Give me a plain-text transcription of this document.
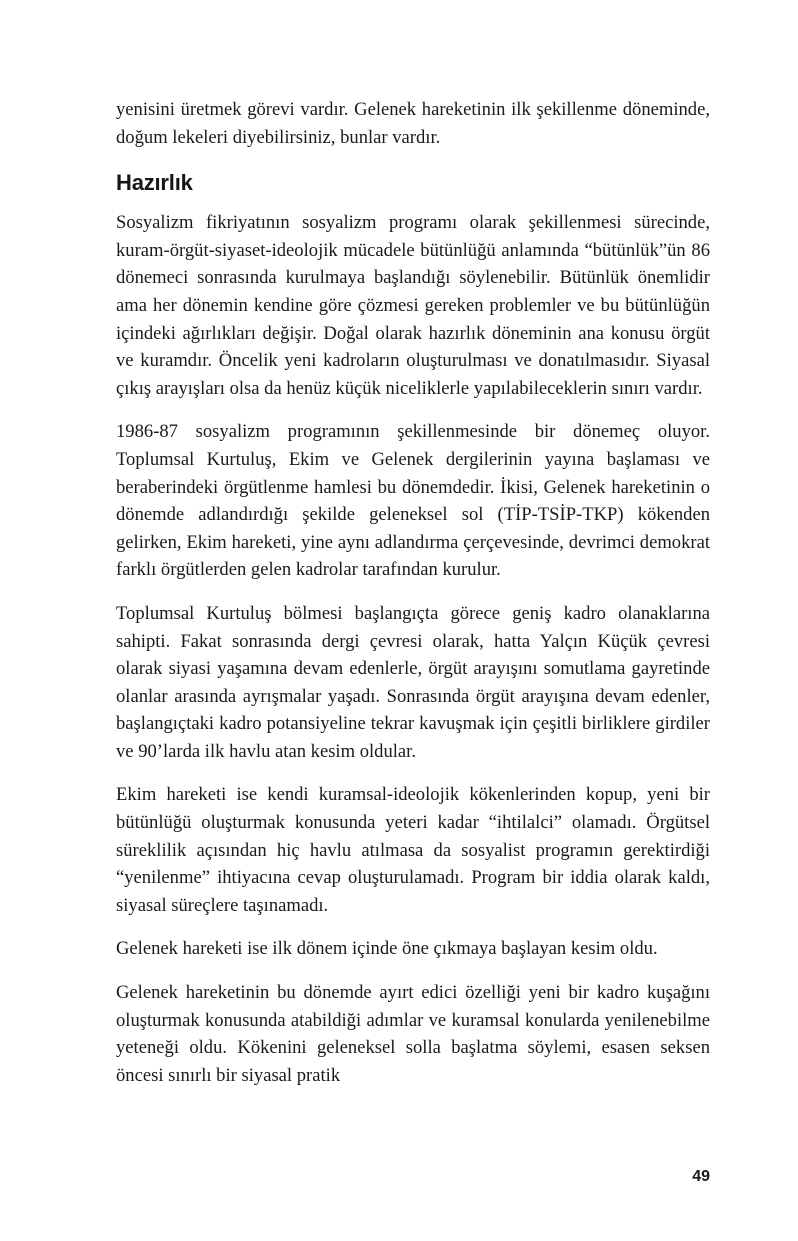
yenisini üretmek görevi vardır. Gelenek hareketinin ilk şekillenme döneminde, doğum lekeleri diyebilirsiniz, bunlar vardır.

Hazırlık

Sosyalizm fikriyatının sosyalizm programı olarak şekillenmesi sürecinde, kuram-örgüt-siyaset-ideolojik mücadele bütünlüğü anlamında “bütünlük”ün 86 dönemeci sonrasında kurulmaya başlandığı söylenebilir. Bütünlük önemlidir ama her dönemin kendine göre çözmesi gereken problemler ve bu bütünlüğün içindeki ağırlıkları değişir. Doğal olarak hazırlık döneminin ana konusu örgüt ve kuramdır. Öncelik yeni kadroların oluşturulması ve donatılmasıdır. Siyasal çıkış arayışları olsa da henüz küçük niceliklerle yapılabileceklerin sınırı vardır.

1986-87 sosyalizm programının şekillenmesinde bir dönemeç oluyor. Toplumsal Kurtuluş, Ekim ve Gelenek dergilerinin yayına başlaması ve beraberindeki örgütlenme hamlesi bu dönemdedir. İkisi, Gelenek hareketinin o dönemde adlandırdığı şekilde geleneksel sol (TİP-TSİP-TKP) kökenden gelirken, Ekim hareketi, yine aynı adlandırma çerçevesinde, devrimci demokrat farklı örgütlerden gelen kadrolar tarafından kurulur.

Toplumsal Kurtuluş bölmesi başlangıçta görece geniş kadro olanaklarına sahipti. Fakat sonrasında dergi çevresi olarak, hatta Yalçın Küçük çevresi olarak siyasi yaşamına devam edenlerle, örgüt arayışını somutlama gayretinde olanlar arasında ayrışmalar yaşadı. Sonrasında örgüt arayışına devam edenler, başlangıçtaki kadro potansiyeline tekrar kavuşmak için çeşitli birliklere girdiler ve 90’larda ilk havlu atan kesim oldular.

Ekim hareketi ise kendi kuramsal-ideolojik kökenlerinden kopup, yeni bir bütünlüğü oluşturmak konusunda yeteri kadar “ihtilalci” olamadı. Örgütsel süreklilik açısından hiç havlu atılmasa da sosyalist programın gerektirdiği “yenilenme” ihtiyacına cevap oluşturulamadı. Program bir iddia olarak kaldı, siyasal süreçlere taşınamadı.

Gelenek hareketi ise ilk dönem içinde öne çıkmaya başlayan kesim oldu.

Gelenek hareketinin bu dönemde ayırt edici özelliği yeni bir kadro kuşağını oluşturmak konusunda atabildiği adımlar ve kuramsal konularda yenilenebilme yeteneği oldu. Kökenini geleneksel solla başlatma söylemi, esasen seksen öncesi sınırlı bir siyasal pratik

49
